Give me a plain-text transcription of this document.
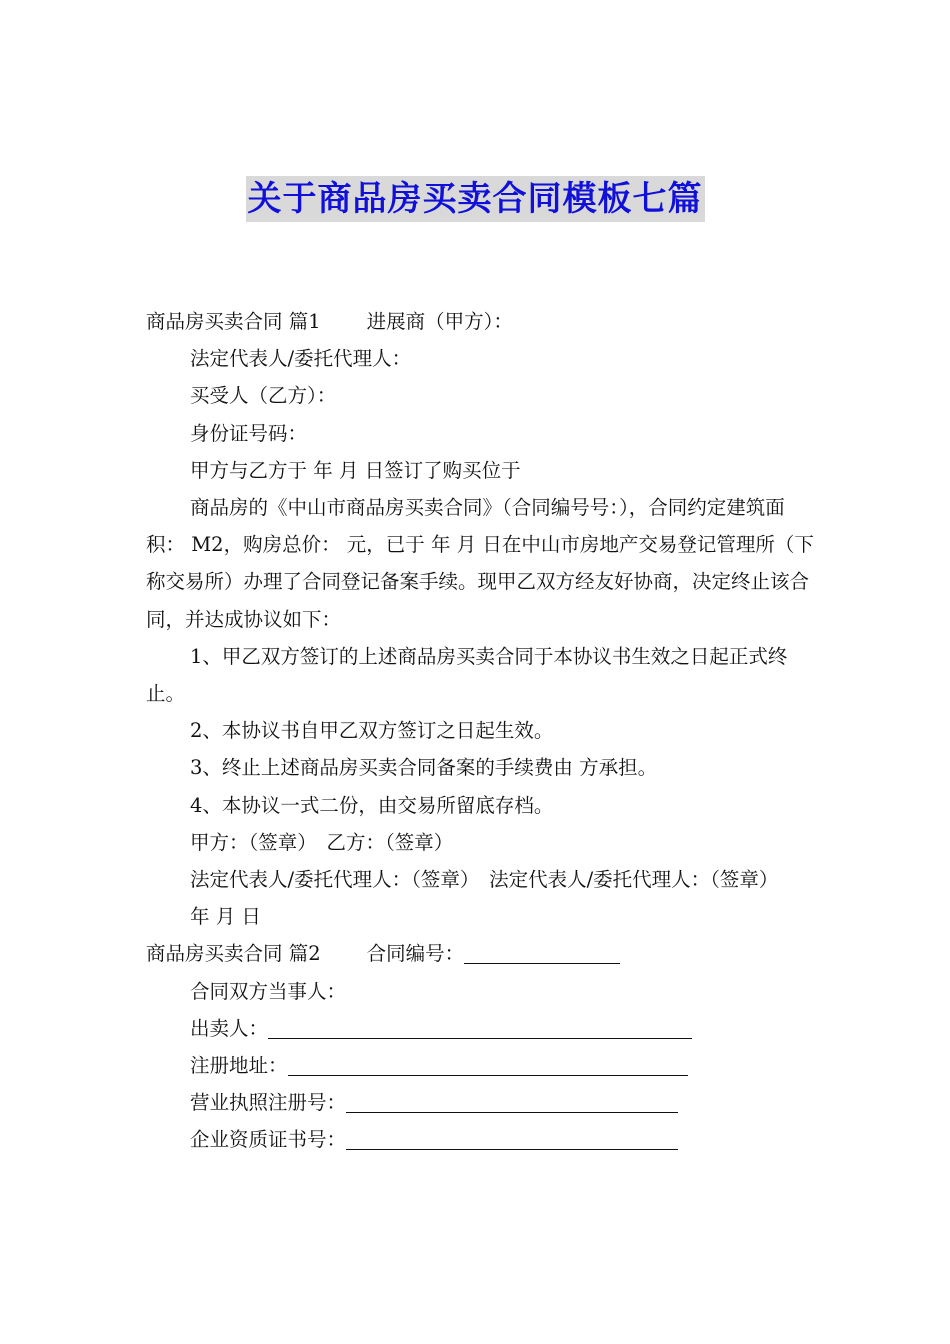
关于商品房买卖合同模板七篇

商品房买卖合同 篇1 进展商（甲方）：

法定代表人/委托代理人：

买受人（乙方）：

身份证号码：

甲方与乙方于 年 月 日签订了购买位于

商品房的《中山市商品房买卖合同》（合同编号号：），合同约定建筑面积： M2，购房总价： 元，已于 年 月 日在中山市房地产交易登记管理所（下称交易所）办理了合同登记备案手续。现甲乙双方经友好协商，决定终止该合同，并达成协议如下：

1、甲乙双方签订的上述商品房买卖合同于本协议书生效之日起正式终止。

2、本协议书自甲乙双方签订之日起生效。

3、终止上述商品房买卖合同备案的手续费由 方承担。

4、本协议一式二份，由交易所留底存档。

甲方：（签章）　乙方：（签章）

法定代表人/委托代理人：（签章）　法定代表人/委托代理人：（签章）

年 月 日

商品房买卖合同 篇2 合同编号：

合同双方当事人：

出卖人：

注册地址：

营业执照注册号：

企业资质证书号：
